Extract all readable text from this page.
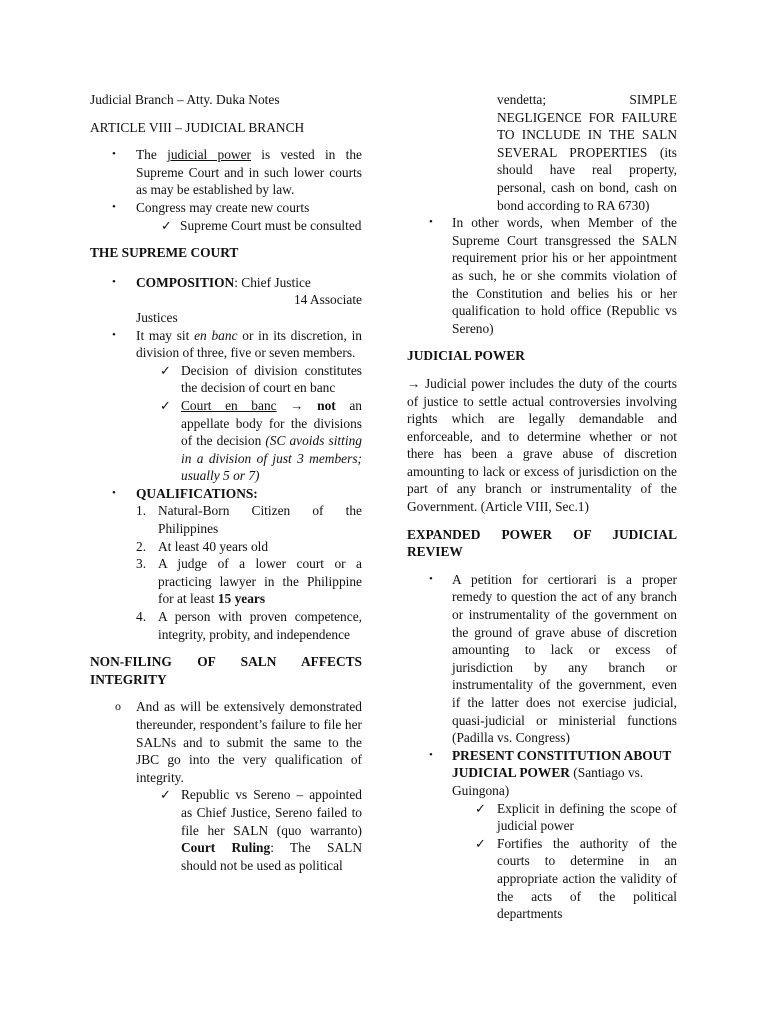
Judicial Branch – Atty. Duka Notes

ARTICLE VIII – JUDICIAL BRANCH

• The judicial power is vested in the Supreme Court and in such lower courts as may be established by law.
• Congress may create new courts
✓ Supreme Court must be consulted

THE SUPREME COURT

• COMPOSITION: Chief Justice
14 Associate
Justices
• It may sit en banc or in its discretion, in division of three, five or seven members.
✓ Decision of division constitutes the decision of court en banc
✓ Court en banc → not an appellate body for the divisions of the decision (SC avoids sitting in a division of just 3 members; usually 5 or 7)
• QUALIFICATIONS:
1. Natural-Born Citizen of the Philippines
2. At least 40 years old
3. A judge of a lower court or a practicing lawyer in the Philippine for at least 15 years
4. A person with proven competence, integrity, probity, and independence

NON-FILING OF SALN AFFECTS INTEGRITY

o And as will be extensively demonstrated thereunder, respondent’s failure to file her SALNs and to submit the same to the JBC go into the very qualification of integrity.
✓ Republic vs Sereno – appointed as Chief Justice, Sereno failed to file her SALN (quo warranto) Court Ruling: The SALN should not be used as political
vendetta; SIMPLE NEGLIGENCE FOR FAILURE TO INCLUDE IN THE SALN SEVERAL PROPERTIES (its should have real property, personal, cash on bond, cash on bond according to RA 6730)
• In other words, when Member of the Supreme Court transgressed the SALN requirement prior his or her appointment as such, he or she commits violation of the Constitution and belies his or her qualification to hold office (Republic vs Sereno)

JUDICIAL POWER

→ Judicial power includes the duty of the courts of justice to settle actual controversies involving rights which are legally demandable and enforceable, and to determine whether or not there has been a grave abuse of discretion amounting to lack or excess of jurisdiction on the part of any branch or instrumentality of the Government. (Article VIII, Sec.1)

EXPANDED POWER OF JUDICIAL REVIEW

• A petition for certiorari is a proper remedy to question the act of any branch or instrumentality of the government on the ground of grave abuse of discretion amounting to lack or excess of jurisdiction by any branch or instrumentality of the government, even if the latter does not exercise judicial, quasi-judicial or ministerial functions (Padilla vs. Congress)
• PRESENT CONSTITUTION ABOUT JUDICIAL POWER (Santiago vs. Guingona)
✓ Explicit in defining the scope of judicial power
✓ Fortifies the authority of the courts to determine in an appropriate action the validity of the acts of the political departments
